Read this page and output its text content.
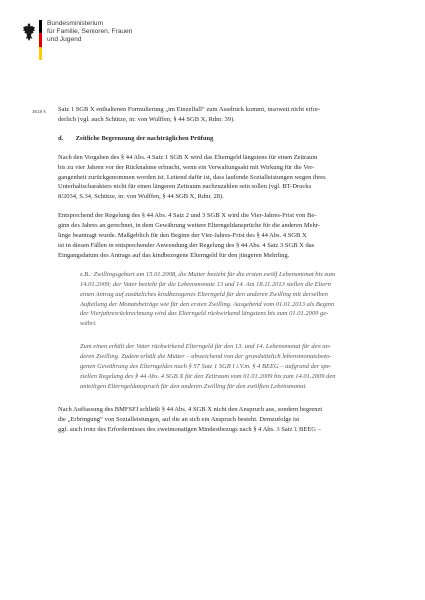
Bundesministerium
für Familie, Senioren, Frauen
und Jugend
3619 k Satz 1 SGB X enthaltenen Formulierung „im Einzelfall“ zum Ausdruck kommt, insoweit nicht erfor-
derlich (vgl. auch Schütze, in: von Wulffen, § 44 SGB X, Rdnr. 39).

d. Zeitliche Begrenzung der nachträglichen Prüfung

Nach den Vorgaben des § 44 Abs. 4 Satz 1 SGB X wird das Elterngeld längstens für einen Zeitraum
bis zu vier Jahren vor der Rücknahme erbracht, wenn ein Verwaltungsakt mit Wirkung für die Ver-
gangenheit zurückgenommen worden ist. Leitend dafür ist, dass laufende Sozialleistungen wegen ihres
Unterhaltscharakters nicht für einen längeren Zeitraum nachzuzahlen sein sollen (vgl. BT-Drucks
8/2034, S.34, Schütze, in: von Wulffen, § 44 SGB X, Rdnr. 28).

Entsprechend der Regelung des § 44 Abs. 4 Satz 2 und 3 SGB X wird die Vier-Jahres-Frist von Be-
ginn des Jahres an gerechnet, in dem Gewährung weitere Elterngeldansprüche für die anderen Mehr-
linge beantragt wurde. Maßgeblich für den Beginn der Vier-Jahres-Frist des § 44 Abs. 4 SGB X
ist in diesen Fällen in entsprechender Anwendung der Regelung des § 44 Abs. 4 Satz 3 SGB X das
Eingangsdatum des Antrags auf das kindbezogene Elterngeld für den jüngeren Mehrling.

z.B.: Zwillingsgeburt am 15.01.2008, die Mutter bezieht für die ersten zwölf Lebensmonat bis zum
14.01.2009; der Vater bezieht für die Lebensmonate 13 und 14. Am 18.11.2013 stellen die Eltern
einen Antrag auf zusätzliches kindbezogenes Elterngeld für den anderen Zwilling mit derselben
Aufteilung der Monatsbeträge wie für den ersten Zwilling. Ausgehend vom 01.01.2013 als Beginn
der Vierjahresrückrechnung wird das Elterngeld rückwirkend längstens bis zum 01.01.2009 ge-
währt.
Zum einen erhält der Vater rückwirkend Elterngeld für den 13. und 14. Lebensmonat für den an-
deren Zwilling. Zudem erhält die Mutter – abweichend von der grundsätzlich lebensmonatsbezo-
genen Gewährung des Elterngeldes nach § 57 Satz 1 SGB I i.V.m. § 4 BEEG – aufgrund der spe-
ziellen Regelung des § 44 Abs. 4 SGB X für den Zeitraum vom 01.01.2009 bis zum 14.01.2009 den
anteiligen Elterngeldanspruch für den anderen Zwilling für den zwölften Lebensmonat.

Nach Auffassung des BMFSFJ schließt § 44 Abs. 4 SGB X nicht den Anspruch aus, sondern begrenzt
die „Erbringung“ von Sozialleistungen, auf die an sich ein Anspruch besteht. Demzufolge ist
ggf. auch trotz des Erfordernisses des zweimonatigen Mindestbezugs nach § 4 Abs. 3 Satz 1 BEEG –
